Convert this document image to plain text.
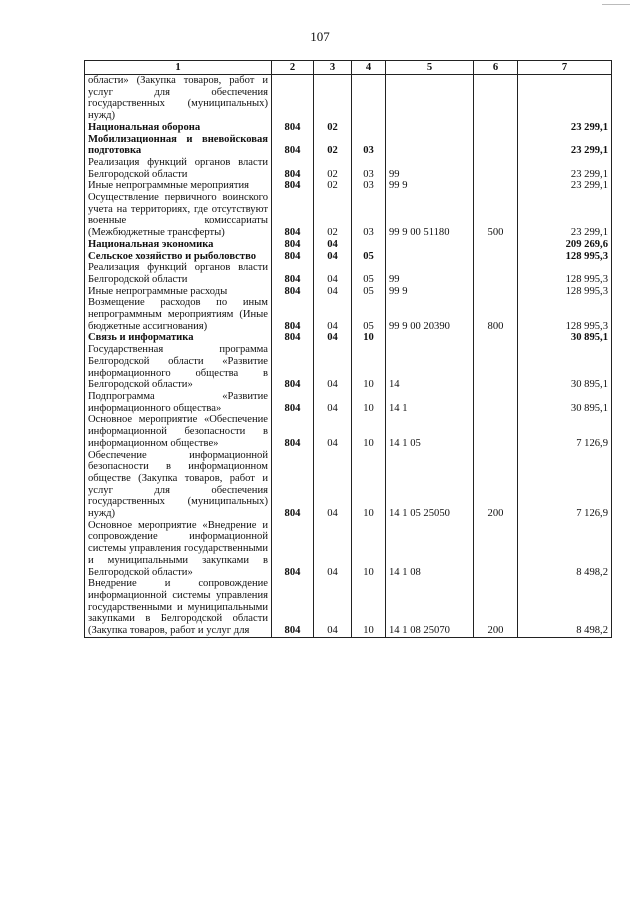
107
1	2	3	4	5	6	7
области» (Закупка товаров, работ и услуг для обеспечения государственных (муниципальных) нужд)						
Национальная оборона	804	02				23 299,1
Мобилизационная и вневойсковая подготовка	804	02	03			23 299,1
Реализация функций органов власти Белгородской области	804	02	03	99		23 299,1
Иные непрограммные мероприятия	804	02	03	99 9		23 299,1
Осуществление первичного воинского учета на территориях, где отсутствуют военные комиссариаты (Межбюджетные трансферты)	804	02	03	99 9 00 51180	500	23 299,1
Национальная экономика	804	04				209 269,6
Сельское хозяйство и рыболовство	804	04	05			128 995,3
Реализация функций органов власти Белгородской области	804	04	05	99		128 995,3
Иные непрограммные расходы	804	04	05	99 9		128 995,3
Возмещение расходов по иным непрограммным мероприятиям (Иные бюджетные ассигнования)	804	04	05	99 9 00 20390	800	128 995,3
Связь и информатика	804	04	10			30 895,1
Государственная программа Белгородской области «Развитие информационного общества в Белгородской области»	804	04	10	14		30 895,1
Подпрограмма «Развитие информационного общества»	804	04	10	14 1		30 895,1
Основное мероприятие «Обеспечение информационной безопасности в информационном обществе»	804	04	10	14 1 05		7 126,9
Обеспечение информационной безопасности в информационном обществе (Закупка товаров, работ и услуг для обеспечения государственных (муниципальных) нужд)	804	04	10	14 1 05 25050	200	7 126,9
Основное мероприятие «Внедрение и сопровождение информационной системы управления государственными и муниципальными закупками в Белгородской области»	804	04	10	14 1 08		8 498,2
Внедрение и сопровождение информационной системы управления государственными и муниципальными закупками в Белгородской области (Закупка товаров, работ и услуг для	804	04	10	14 1 08 25070	200	8 498,2
